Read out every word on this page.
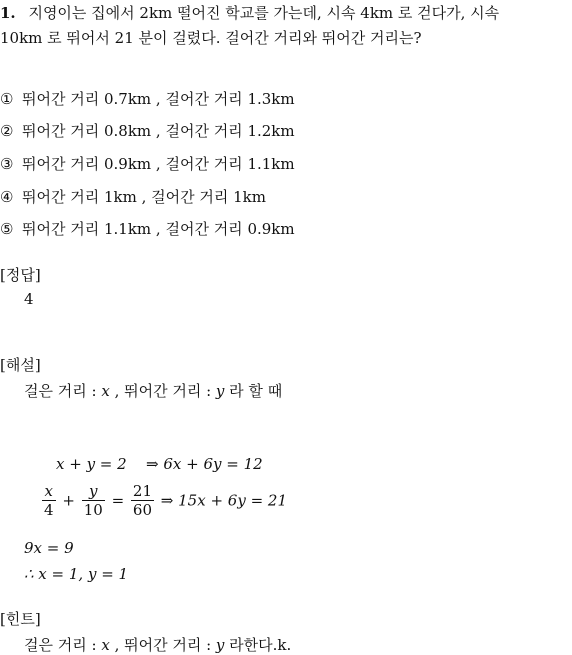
1. 지영이는 집에서 2km 떨어진 학교를 가는데, 시속 4km 로 걷다가, 시속
10km 로 뛰어서 21 분이 걸렸다. 걸어간 거리와 뛰어간 거리는?
① 뛰어간 거리 0.7km , 걸어간 거리 1.3km
② 뛰어간 거리 0.8km , 걸어간 거리 1.2km
③ 뛰어간 거리 0.9km , 걸어간 거리 1.1km
④ 뛰어간 거리 1km , 걸어간 거리 1km
⑤ 뛰어간 거리 1.1km , 걸어간 거리 0.9km
[정답]
4
[해설]
걸은 거리 : x , 뛰어간 거리 : y 라 할 때
x + y = 2 ⇒ 6x + 6y = 12
$\frac{x}{4} + \frac{y}{10} = \frac{21}{60}$ ⇒ 15x + 6y = 21
9x = 9
∴ x = 1, y = 1
[힌트]
걸은 거리 : x , 뛰어간 거리 : y 라한다.k.
